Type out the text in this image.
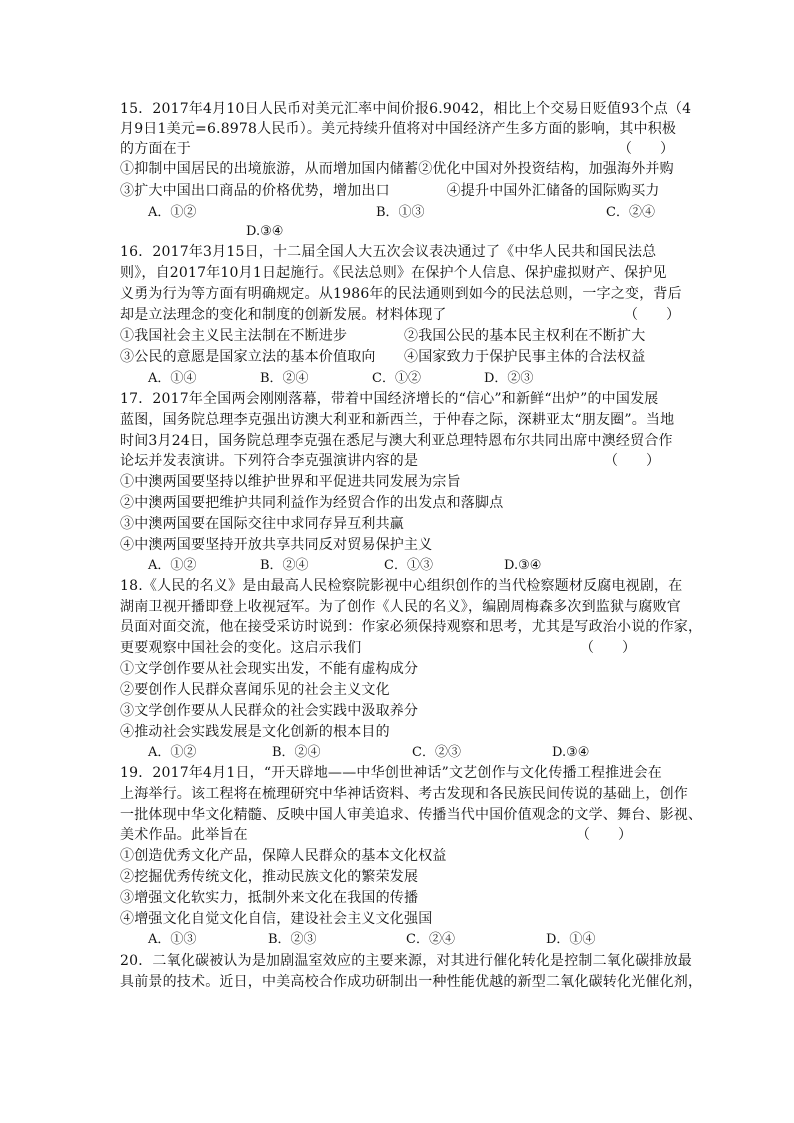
15．2017年4月10日人民币对美元汇率中间价报6.9042，相比上个交易日贬值93个点（4
月9日1美元=6.8978人民币）。美元持续升值将对中国经济产生多方面的影响，其中积极
的方面在于	（　　）
①抑制中国居民的出境旅游，从而增加国内储蓄②优化中国对外投资结构，加强海外并购
③扩大中国出口商品的价格优势，增加出口　　　　④提升中国外汇储备的国际购买力
A．①②	B．①③	C．②④
D.③④
16．2017年3月15日，十二届全国人大五次会议表决通过了《中华人民共和国民法总
则》，自2017年10月1日起施行。《民法总则》在保护个人信息、保护虚拟财产、保护见
义勇为行为等方面有明确规定。从1986年的民法通则到如今的民法总则，一字之变，背后
却是立法理念的变化和制度的创新发展。材料体现了	（　　）
①我国社会主义民主法制在不断进步　　　　②我国公民的基本民主权利在不断扩大
③公民的意愿是国家立法的基本价值取向　　④国家致力于保护民事主体的合法权益
A．①④	B．②④	C．①②	D．②③
17．2017年全国两会刚刚落幕，带着中国经济增长的“信心”和新鲜“出炉”的中国发展
蓝图，国务院总理李克强出访澳大利亚和新西兰，于仲春之际，深耕亚太“朋友圈”。当地
时间3月24日，国务院总理李克强在悉尼与澳大利亚总理特恩布尔共同出席中澳经贸合作
论坛并发表演讲。下列符合李克强演讲内容的是	（　　）
①中澳两国要坚持以维护世界和平促进共同发展为宗旨
②中澳两国要把维护共同利益作为经贸合作的出发点和落脚点
③中澳两国要在国际交往中求同存异互利共赢
④中澳两国要坚持开放共享共同反对贸易保护主义
A．①②	B．②④	C．①③	D.③④
18.《人民的名义》是由最高人民检察院影视中心组织创作的当代检察题材反腐电视剧，在
湖南卫视开播即登上收视冠军。为了创作《人民的名义》，编剧周梅森多次到监狱与腐败官
员面对面交流，他在接受采访时说到：作家必须保持观察和思考，尤其是写政治小说的作家，
更要观察中国社会的变化。这启示我们	（　　）
①文学创作要从社会现实出发，不能有虚构成分
②要创作人民群众喜闻乐见的社会主义文化
③文学创作要从人民群众的社会实践中汲取养分
④推动社会实践发展是文化创新的根本目的
A．①②	B．②④	C．②③	D.③④
19．2017年4月1日，“开天辟地——中华创世神话”文艺创作与文化传播工程推进会在
上海举行。该工程将在梳理研究中华神话资料、考古发现和各民族民间传说的基础上，创作
一批体现中华文化精髓、反映中国人审美追求、传播当代中国价值观念的文学、舞台、影视、
美术作品。此举旨在	（　　）
①创造优秀文化产品，保障人民群众的基本文化权益
②挖掘优秀传统文化，推动民族文化的繁荣发展
③增强文化软实力，抵制外来文化在我国的传播
④增强文化自觉文化自信，建设社会主义文化强国
A．①③	B．②③	C．②④	D．①④
20．二氧化碳被认为是加剧温室效应的主要来源，对其进行催化转化是控制二氧化碳排放最
具前景的技术。近日，中美高校合作成功研制出一种性能优越的新型二氧化碳转化光催化剂，
